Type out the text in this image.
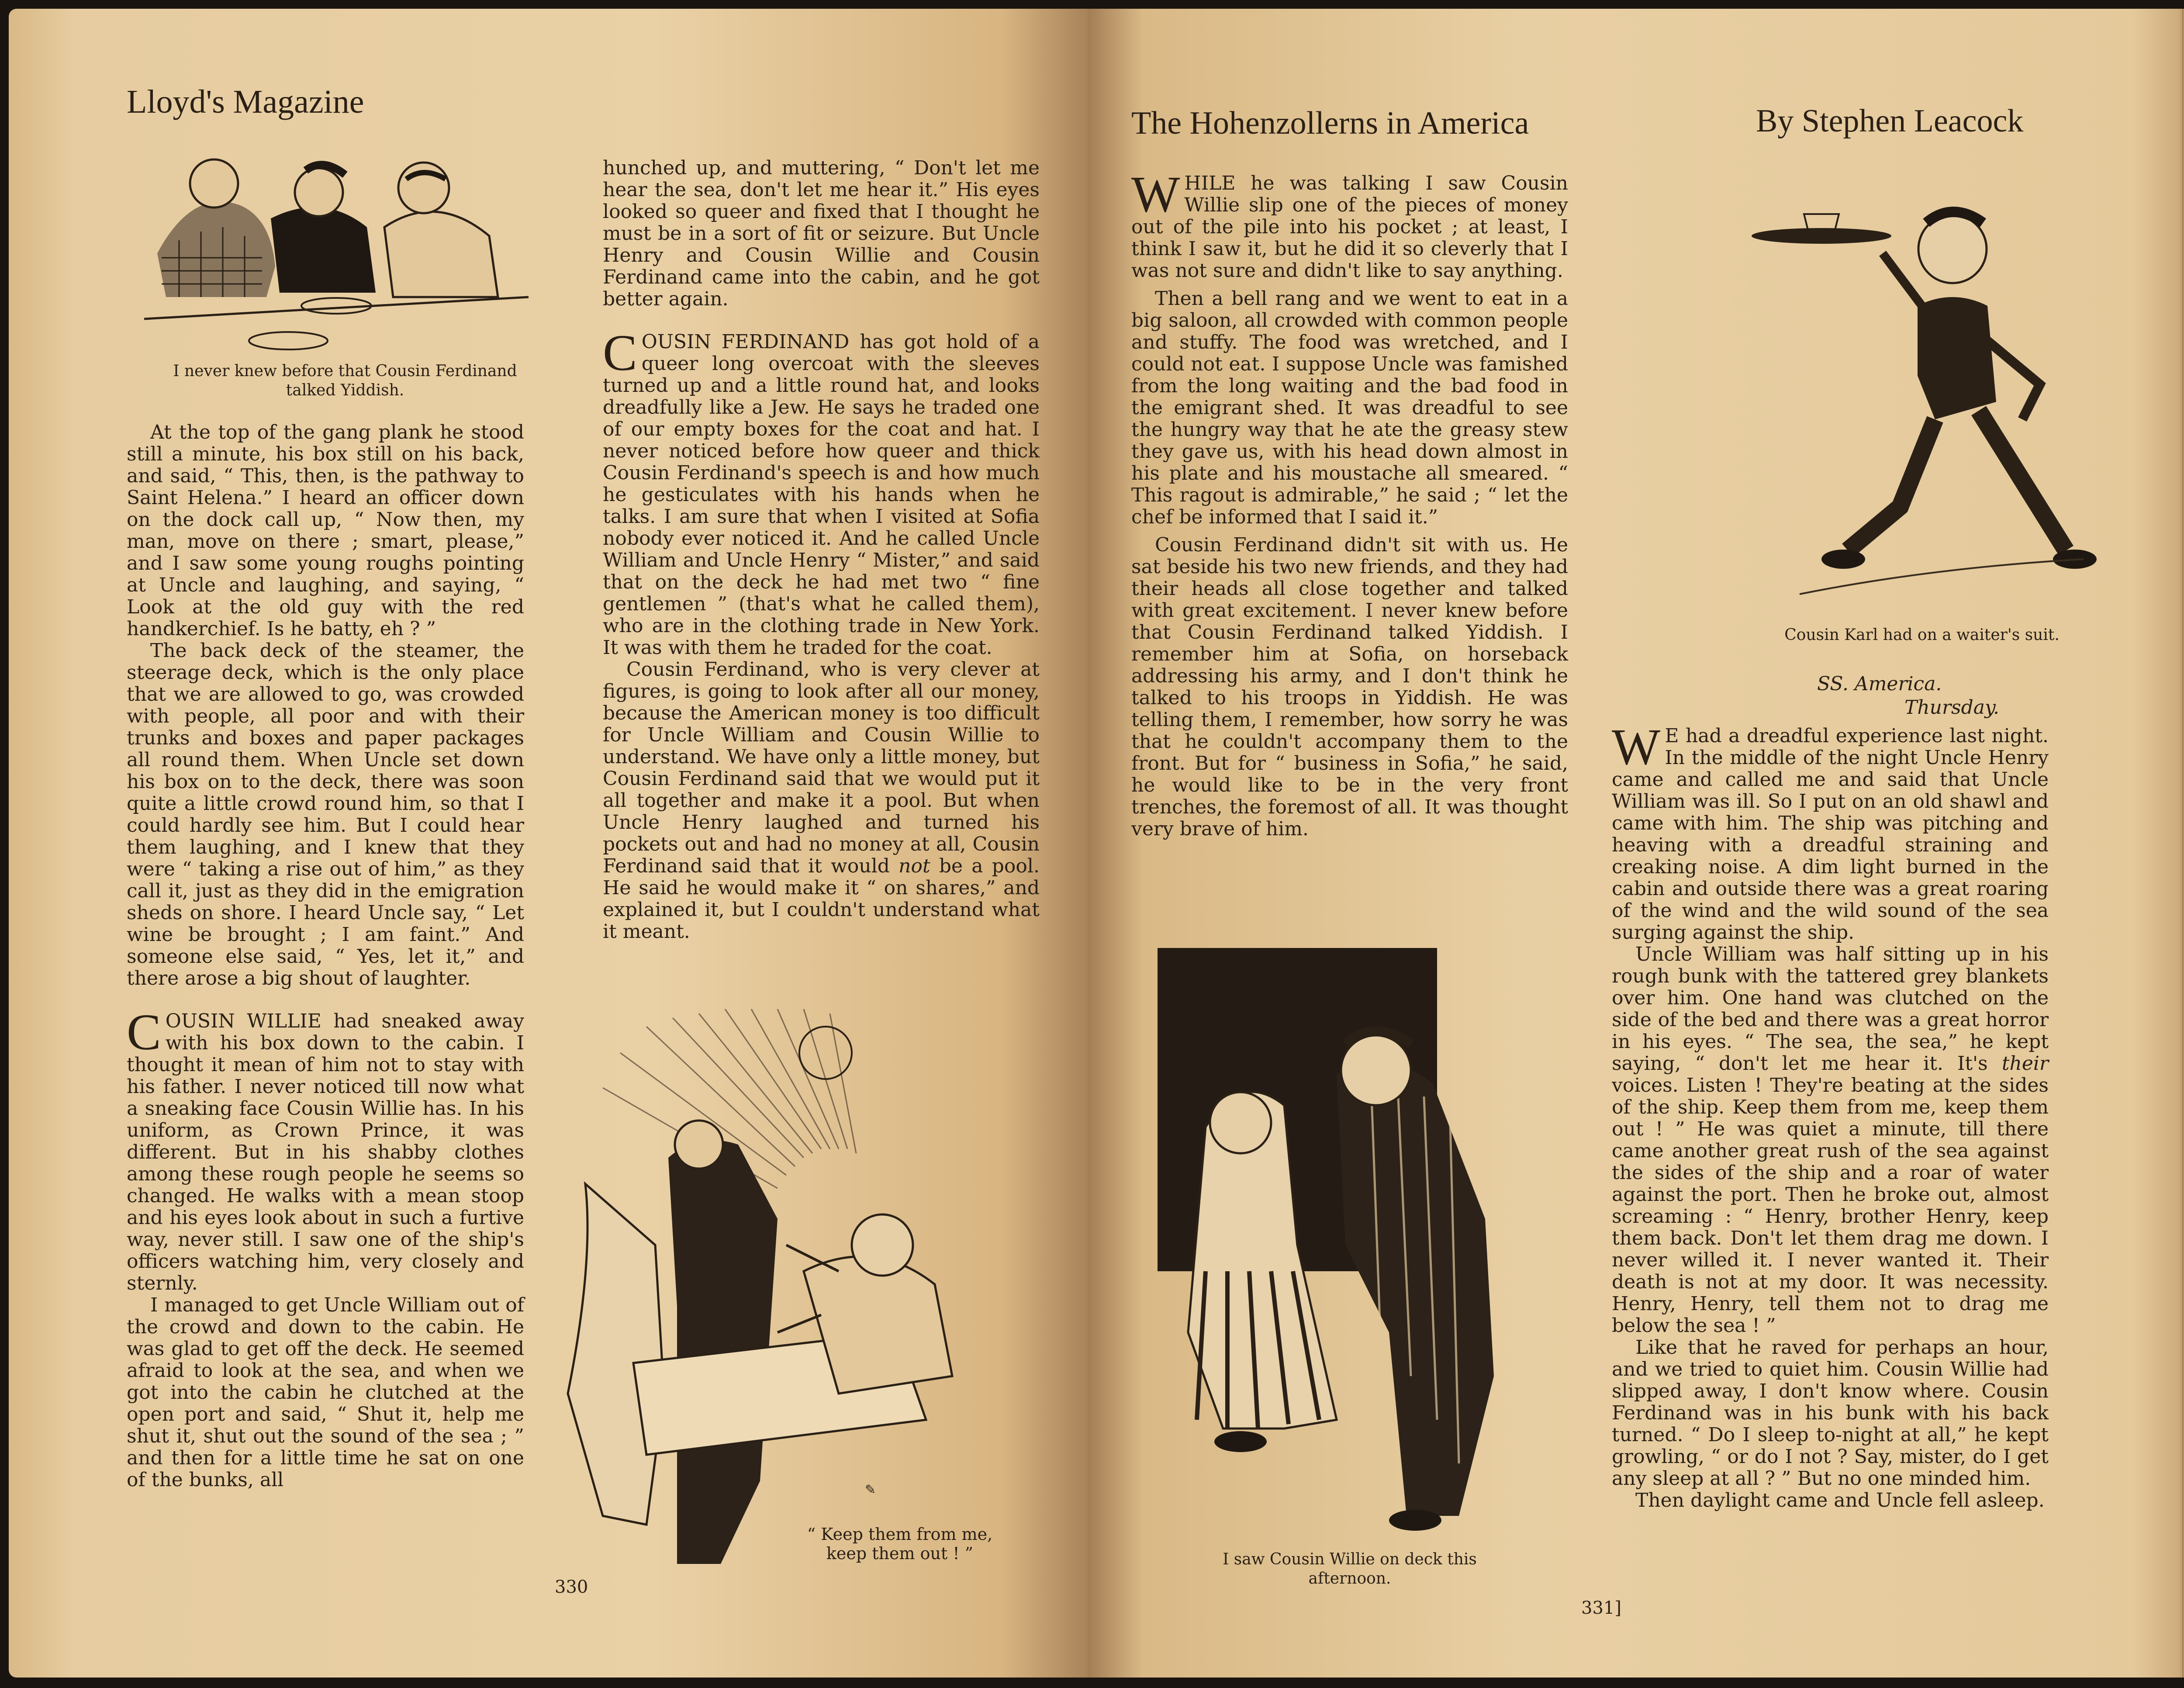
Lloyd's Magazine
I never knew before that Cousin Ferdinand talked Yiddish.

At the top of the gang plank he stood still a minute, his box still on his back, and said, “ This, then, is the pathway to Saint Helena.” I heard an officer down on the dock call up, “ Now then, my man, move on there ; smart, please,” and I saw some young roughs pointing at Uncle and laughing, and saying, “ Look at the old guy with the red handkerchief. Is he batty, eh ? ”

The back deck of the steamer, the steerage deck, which is the only place that we are allowed to go, was crowded with people, all poor and with their trunks and boxes and paper packages all round them. When Uncle set down his box on to the deck, there was soon quite a little crowd round him, so that I could hardly see him. But I could hear them laughing, and I knew that they were “ taking a rise out of him,” as they call it, just as they did in the emigration sheds on shore. I heard Uncle say, “ Let wine be brought ; I am faint.” And someone else said, “ Yes, let it,” and there arose a big shout of laughter.

COUSIN WILLIE had sneaked away with his box down to the cabin. I thought it mean of him not to stay with his father. I never noticed till now what a sneaking face Cousin Willie has. In his uniform, as Crown Prince, it was different. But in his shabby clothes among these rough people he seems so changed. He walks with a mean stoop and his eyes look about in such a furtive way, never still. I saw one of the ship's officers watching him, very closely and sternly.

I managed to get Uncle William out of the crowd and down to the cabin. He was glad to get off the deck. He seemed afraid to look at the sea, and when we got into the cabin he clutched at the open port and said, “ Shut it, help me shut it, shut out the sound of the sea ; ” and then for a little time he sat on one of the bunks, all

hunched up, and muttering, “ Don't let me hear the sea, don't let me hear it.” His eyes looked so queer and fixed that I thought he must be in a sort of fit or seizure. But Uncle Henry and Cousin Willie and Cousin Ferdinand came into the cabin, and he got better again.

COUSIN FERDINAND has got hold of a queer long overcoat with the sleeves turned up and a little round hat, and looks dreadfully like a Jew. He says he traded one of our empty boxes for the coat and hat. I never noticed before how queer and thick Cousin Ferdinand's speech is and how much he gesticulates with his hands when he talks. I am sure that when I visited at Sofia nobody ever noticed it. And he called Uncle William and Uncle Henry “ Mister,” and said that on the deck he had met two “ fine gentlemen ” (that's what he called them), who are in the clothing trade in New York. It was with them he traded for the coat.

Cousin Ferdinand, who is very clever at figures, is going to look after all our money, because the American money is too difficult for Uncle William and Cousin Willie to understand. We have only a little money, but Cousin Ferdinand said that we would put it all together and make it a pool. But when Uncle Henry laughed and turned his pockets out and had no money at all, Cousin Ferdinand said that it would not be a pool. He said he would make it “ on shares,” and explained it, but I couldn't understand what it meant.

✎
“ Keep them from me, keep them out ! ”
330
The Hohenzollerns in America	By Stephen Leacock

WHILE he was talking I saw Cousin Willie slip one of the pieces of money out of the pile into his pocket ; at least, I think I saw it, but he did it so cleverly that I was not sure and didn't like to say anything.

Then a bell rang and we went to eat in a big saloon, all crowded with common people and stuffy. The food was wretched, and I could not eat. I suppose Uncle was famished from the long waiting and the bad food in the emigrant shed. It was dreadful to see the hungry way that he ate the greasy stew they gave us, with his head down almost in his plate and his moustache all smeared. “ This ragout is admirable,” he said ; “ let the chef be informed that I said it.”

Cousin Ferdinand didn't sit with us. He sat beside his two new friends, and they had their heads all close together and talked with great excitement. I never knew before that Cousin Ferdinand talked Yiddish. I remember him at Sofia, on horseback addressing his army, and I don't think he talked to his troops in Yiddish. He was telling them, I remember, how sorry he was that he couldn't accompany them to the front. But for “ business in Sofia,” he said, he would like to be in the very front trenches, the foremost of all. It was thought very brave of him.

Cousin Karl had on a waiter's suit.
SS. America.
Thursday.
I saw Cousin Willie on deck this afternoon.

W E had a dreadful experience last night. In the middle of the night Uncle Henry came and called me and said that Uncle William was ill. So I put on an old shawl and came with him. The ship was pitching and heaving with a dreadful straining and creaking noise. A dim light burned in the cabin and outside there was a great roaring of the wind and the wild sound of the sea surging against the ship.

Uncle William was half sitting up in his rough bunk with the tattered grey blankets over him. One hand was clutched on the side of the bed and there was a great horror in his eyes. “ The sea, the sea,” he kept saying, “ don't let me hear it. It's their voices. Listen ! They're beating at the sides of the ship. Keep them from me, keep them out ! ” He was quiet a minute, till there came another great rush of the sea against the sides of the ship and a roar of water against the port. Then he broke out, almost screaming : “ Henry, brother Henry, keep them back. Don't let them drag me down. I never willed it. I never wanted it. Their death is not at my door. It was necessity. Henry, Henry, tell them not to drag me below the sea ! ”

Like that he raved for perhaps an hour, and we tried to quiet him. Cousin Willie had slipped away, I don't know where. Cousin Ferdinand was in his bunk with his back turned. “ Do I sleep to-night at all,” he kept growling, “ or do I not ? Say, mister, do I get any sleep at all ? ” But no one minded him.

Then daylight came and Uncle fell asleep.

331]
